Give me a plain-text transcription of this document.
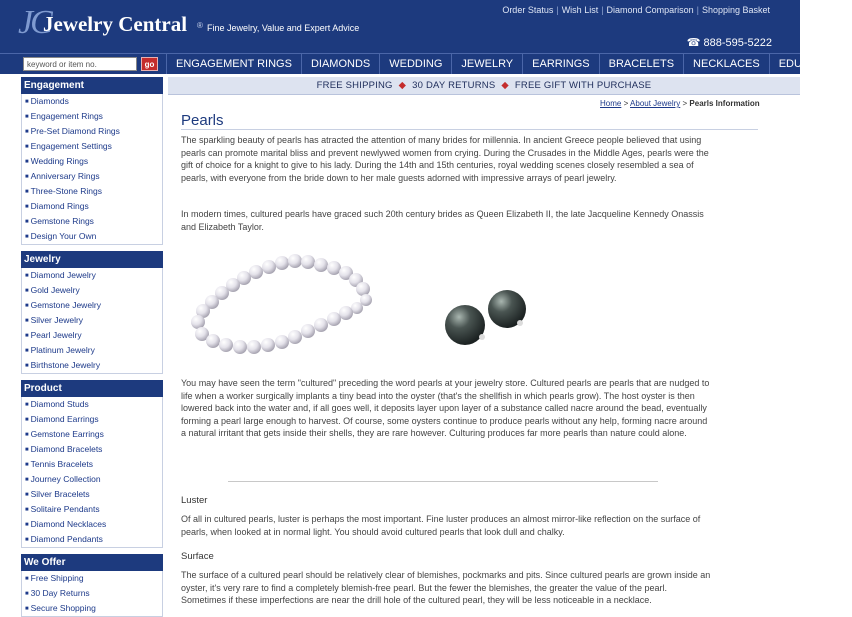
JC
Jewelry Central ® Fine Jewelry, Value and Expert Advice
Order Status | Wish List | Diamond Comparison | Shopping Basket
☎ 888-595-5222
keyword or item no.
go	ENGAGEMENT RINGS	DIAMONDS	WEDDING	JEWELRY	EARRINGS	BRACELETS	NECKLACES	EDUCATION
FREE SHIPPING ◆ 30 DAY RETURNS ◆ FREE GIFT WITH PURCHASE
Engagement
■ Diamonds
■ Engagement Rings
■ Pre-Set Diamond Rings
■ Engagement Settings
■ Wedding Rings
■ Anniversary Rings
■ Three-Stone Rings
■ Diamond Rings
■ Gemstone Rings
■ Design Your Own
Jewelry
■ Diamond Jewelry
■ Gold Jewelry
■ Gemstone Jewelry
■ Silver Jewelry
■ Pearl Jewelry
■ Platinum Jewelry
■ Birthstone Jewelry
Product
■ Diamond Studs
■ Diamond Earrings
■ Gemstone Earrings
■ Diamond Bracelets
■ Tennis Bracelets
■ Journey Collection
■ Silver Bracelets
■ Solitaire Pendants
■ Diamond Necklaces
■ Diamond Pendants
We Offer
■ Free Shipping
■ 30 Day Returns
■ Secure Shopping
Home > About Jewelry > Pearls Information
Pearls
The sparkling beauty of pearls has atracted the attention of many brides for millennia. In ancient Greece people believed that using pearls can promote marital bliss and prevent newlywed women from crying. During the Crusades in the Middle Ages, pearls were the gift of choice for a knight to give to his lady. During the 14th and 15th centuries, royal wedding scenes closely resembled a sea of pearls, with everyone from the bride down to her male guests adorned with impressive arrays of pearl jewelry.
In modern times, cultured pearls have graced such 20th century brides as Queen Elizabeth II, the late Jacqueline Kennedy Onassis and Elizabeth Taylor.
You may have seen the term "cultured" preceding the word pearls at your jewelry store. Cultured pearls are pearls that are nudged to life when a worker surgically implants a tiny bead into the oyster (that's the shellfish in which pearls grow). The host oyster is then lowered back into the water and, if all goes well, it deposits layer upon layer of a substance called nacre around the bead, eventually forming a pearl large enough to harvest. Of course, some oysters continue to produce pearls without any help, forming nacre around a natural irritant that gets inside their shells, they are rare however. Culturing produces far more pearls than nature could alone.
Luster
Of all in cultured pearls, luster is perhaps the most important. Fine luster produces an almost mirror-like reflection on the surface of pearls, when looked at in normal light. You should avoid cultured pearls that look dull and chalky.
Surface
The surface of a cultured pearl should be relatively clear of blemishes, pockmarks and pits. Since cultured pearls are grown inside an oyster, it's very rare to find a completely blemish-free pearl. But the fewer the blemishes, the greater the value of the pearl. Sometimes if these imperfections are near the drill hole of the cultured pearl, they will be less noticeable in a necklace.
